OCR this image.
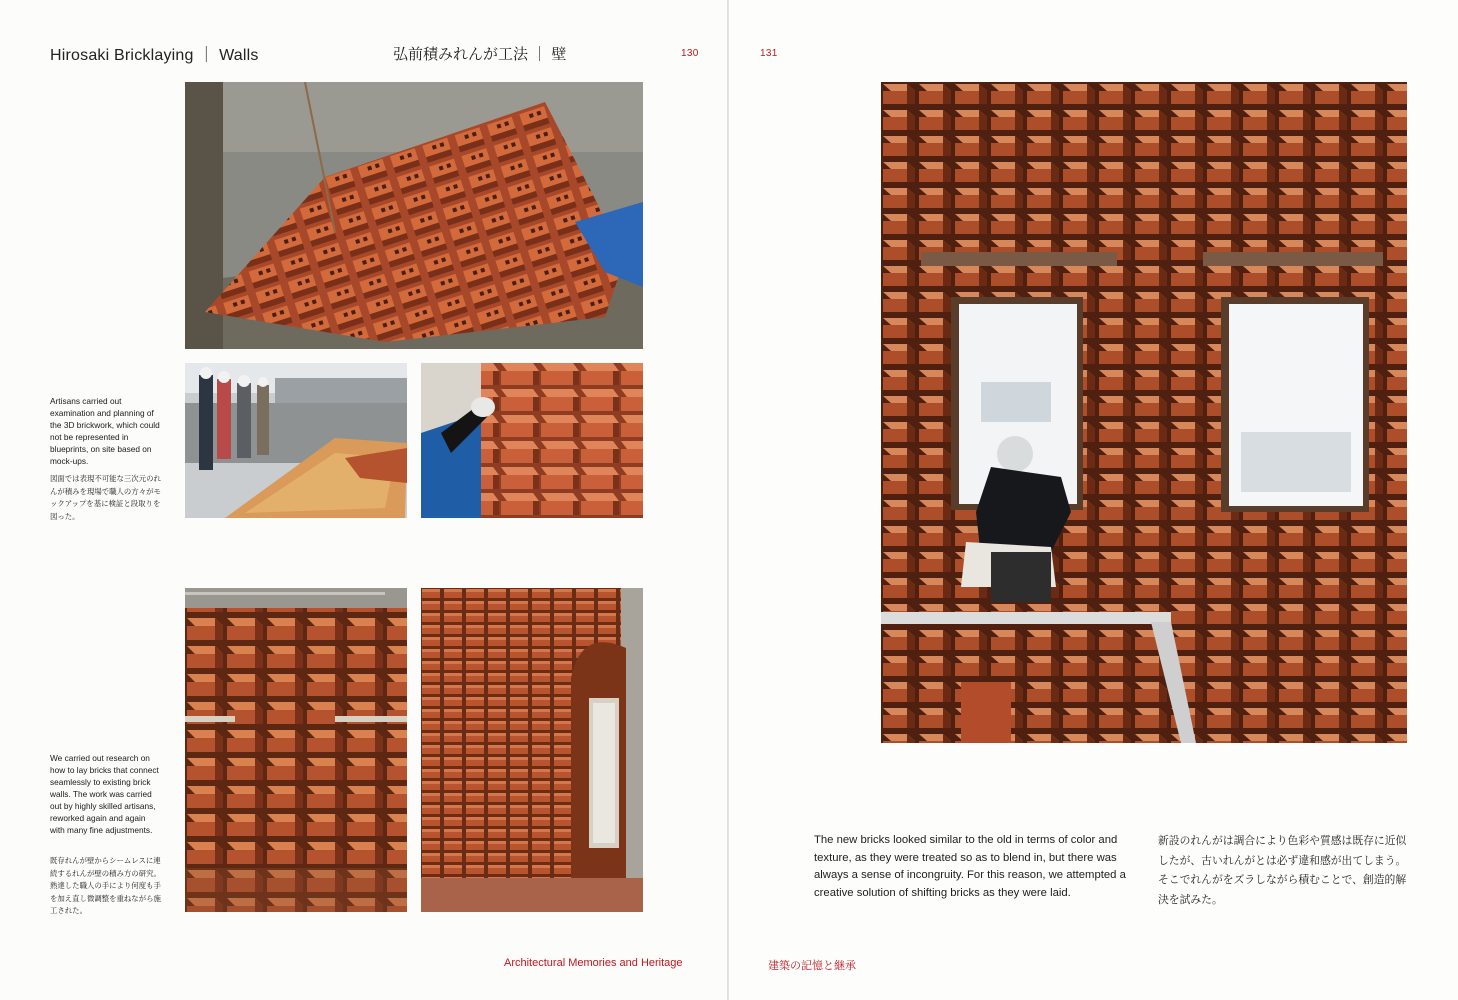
Hirosaki Bricklaying ｜ Walls	弘前積みれんが工法 ｜ 壁	130
Artisans carried out examination and planning of the 3D brickwork, which could not be represented in blueprints, on site based on mock-ups.
図面では表現不可能な三次元のれんが積みを現場で職人の方々がモックアップを基に検証と段取りを図った。
We carried out research on how to lay bricks that connect seamlessly to existing brick walls. The work was carried out by highly skilled artisans, reworked again and again with many fine adjustments.
既存れんが壁からシームレスに連続するれんが壁の積み方の研究。熟達した職人の手により何度も手を加え直し微調整を重ねながら施工された。
Architectural Memories and Heritage
131
The new bricks looked similar to the old in terms of color and texture, as they were treated so as to blend in, but there was always a sense of incongruity. For this reason, we attempted a creative solution of shifting bricks as they were laid.
新設のれんがは調合により色彩や質感は既存に近似したが、古いれんがとは必ず違和感が出てしまう。そこでれんがをズラしながら積むことで、創造的解決を試みた。
建築の記憶と継承
